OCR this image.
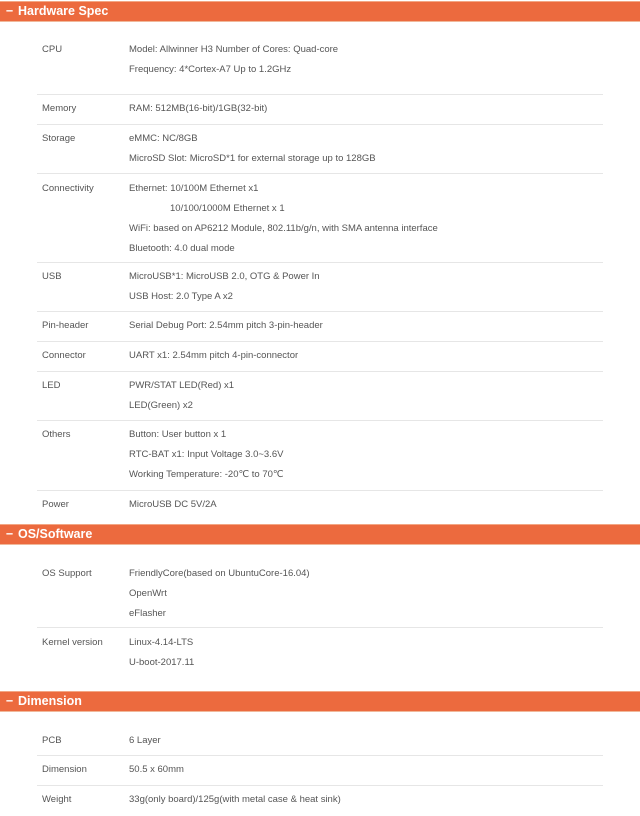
− Hardware Spec
CPU	Model: Allwinner H3 Number of Cores: Quad-core
Frequency: 4*Cortex-A7 Up to 1.2GHz
Memory	RAM: 512MB(16-bit)/1GB(32-bit)
Storage	eMMC: NC/8GB
MicroSD Slot: MicroSD*1 for external storage up to 128GB
Connectivity	Ethernet: 10/100M Ethernet x1
10/100/1000M Ethernet x 1
WiFi: based on AP6212 Module, 802.11b/g/n, with SMA antenna interface
Bluetooth: 4.0 dual mode
USB	MicroUSB*1: MicroUSB 2.0, OTG & Power In
USB Host: 2.0 Type A x2
Pin-header	Serial Debug Port: 2.54mm pitch 3-pin-header
Connector	UART x1: 2.54mm pitch 4-pin-connector
LED	PWR/STAT LED(Red) x1
LED(Green) x2
Others	Button: User button x 1
RTC-BAT x1: Input Voltage 3.0~3.6V
Working Temperature: -20℃ to 70℃
Power	MicroUSB DC 5V/2A
− OS/Software
OS Support	FriendlyCore(based on UbuntuCore-16.04)
OpenWrt
eFlasher
Kernel version	Linux-4.14-LTS
U-boot-2017.11
− Dimension
PCB	6 Layer
Dimension	50.5 x 60mm
Weight	33g(only board)/125g(with metal case & heat sink)
